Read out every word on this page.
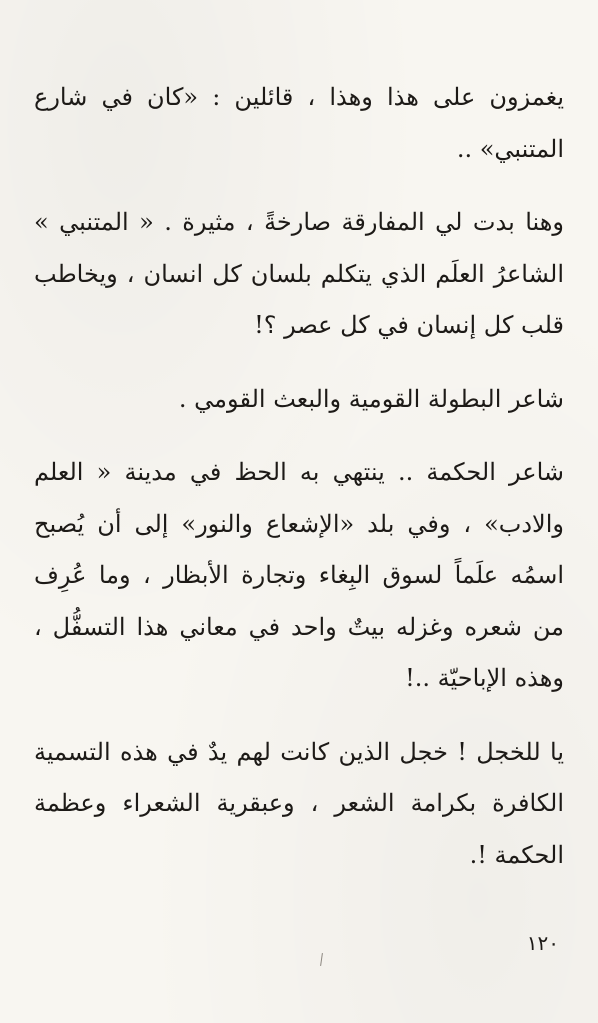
يغمزون على هذا وهذا ، قائلين : «كان في شارع المتنبي» ..

وهنا بدت لي المفارقة صارخةً ، مثيرة . « المتنبي » الشاعرُ العلَم الذي يتكلم بلسان كل انسان ، ويخاطب قلب كل إنسان في كل عصر ؟!

شاعر البطولة القومية والبعث القومي .

شاعر الحكمة .. ينتهي به الحظ في مدينة « العلم والادب» ، وفي بلد «الإشعاع والنور» إلى أن يُصبح اسمُه علَماً لسوق البِغاء وتجارة الأبظار ، وما عُرِف من شعره وغزله بيتٌ واحد في معاني هذا التسفُّل ، وهذه الإباحيّة ..!

يا للخجل ! خجل الذين كانت لهم يدٌ في هذه التسمية الكافرة بكرامة الشعر ، وعبقرية الشعراء وعظمة الحكمة !.

١٢٠
